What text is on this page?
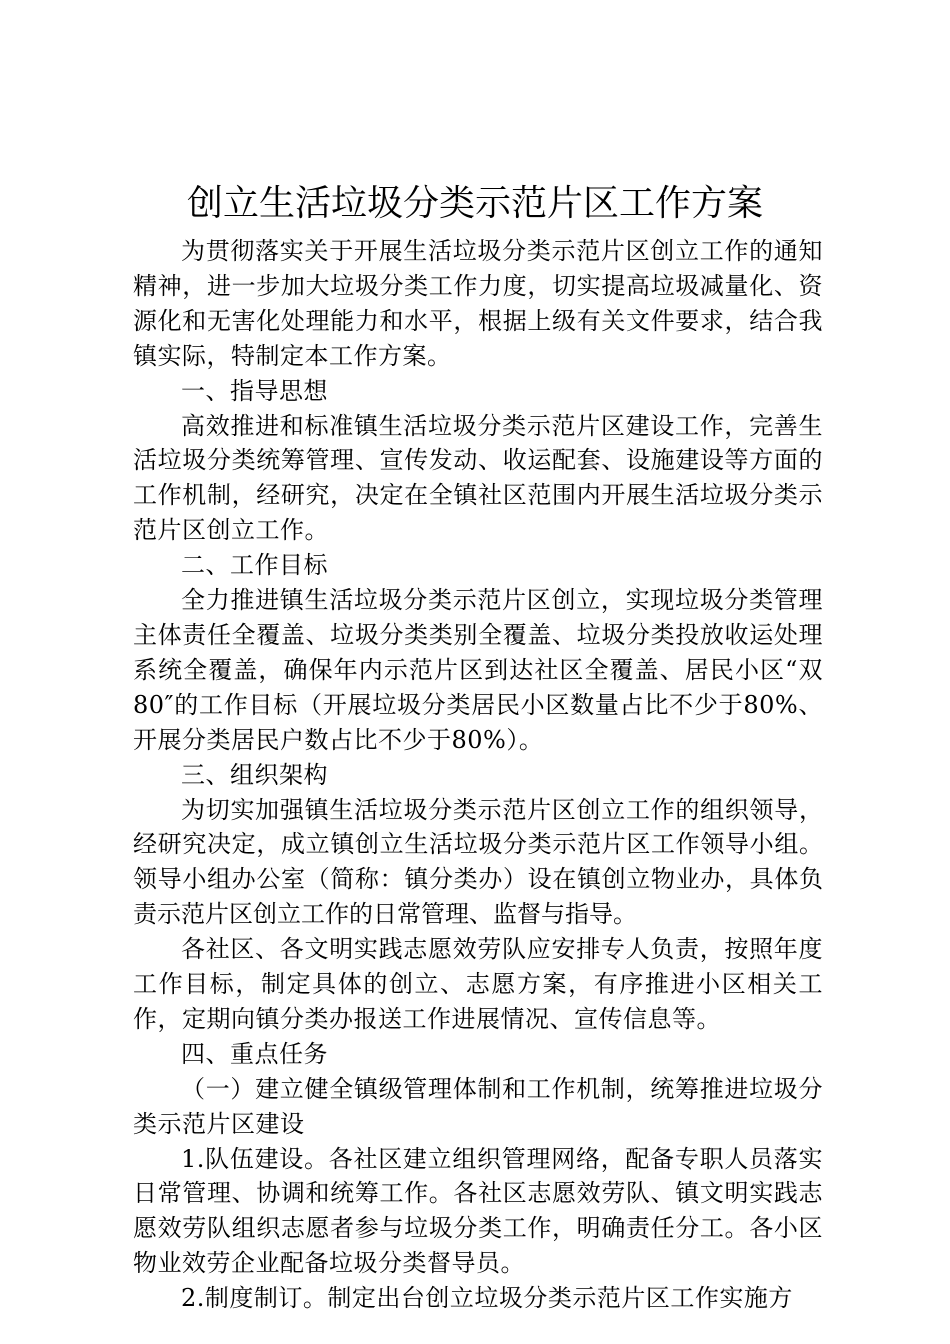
创立生活垃圾分类示范片区工作方案

为贯彻落实关于开展生活垃圾分类示范片区创立工作的通知精神，进一步加大垃圾分类工作力度，切实提高垃圾减量化、资源化和无害化处理能力和水平，根据上级有关文件要求，结合我镇实际，特制定本工作方案。

一、指导思想

高效推进和标准镇生活垃圾分类示范片区建设工作，完善生活垃圾分类统筹管理、宣传发动、收运配套、设施建设等方面的工作机制，经研究，决定在全镇社区范围内开展生活垃圾分类示范片区创立工作。

二、工作目标

全力推进镇生活垃圾分类示范片区创立，实现垃圾分类管理主体责任全覆盖、垃圾分类类别全覆盖、垃圾分类投放收运处理系统全覆盖，确保年内示范片区到达社区全覆盖、居民小区“双80″的工作目标（开展垃圾分类居民小区数量占比不少于80%、开展分类居民户数占比不少于80%）。

三、组织架构

为切实加强镇生活垃圾分类示范片区创立工作的组织领导，经研究决定，成立镇创立生活垃圾分类示范片区工作领导小组。领导小组办公室（简称：镇分类办）设在镇创立物业办，具体负责示范片区创立工作的日常管理、监督与指导。

各社区、各文明实践志愿效劳队应安排专人负责，按照年度工作目标，制定具体的创立、志愿方案，有序推进小区相关工作，定期向镇分类办报送工作进展情况、宣传信息等。

四、重点任务

（一）建立健全镇级管理体制和工作机制，统筹推进垃圾分类示范片区建设

1.队伍建设。各社区建立组织管理网络，配备专职人员落实日常管理、协调和统筹工作。各社区志愿效劳队、镇文明实践志愿效劳队组织志愿者参与垃圾分类工作，明确责任分工。各小区物业效劳企业配备垃圾分类督导员。

2.制度制订。制定出台创立垃圾分类示范片区工作实施方
